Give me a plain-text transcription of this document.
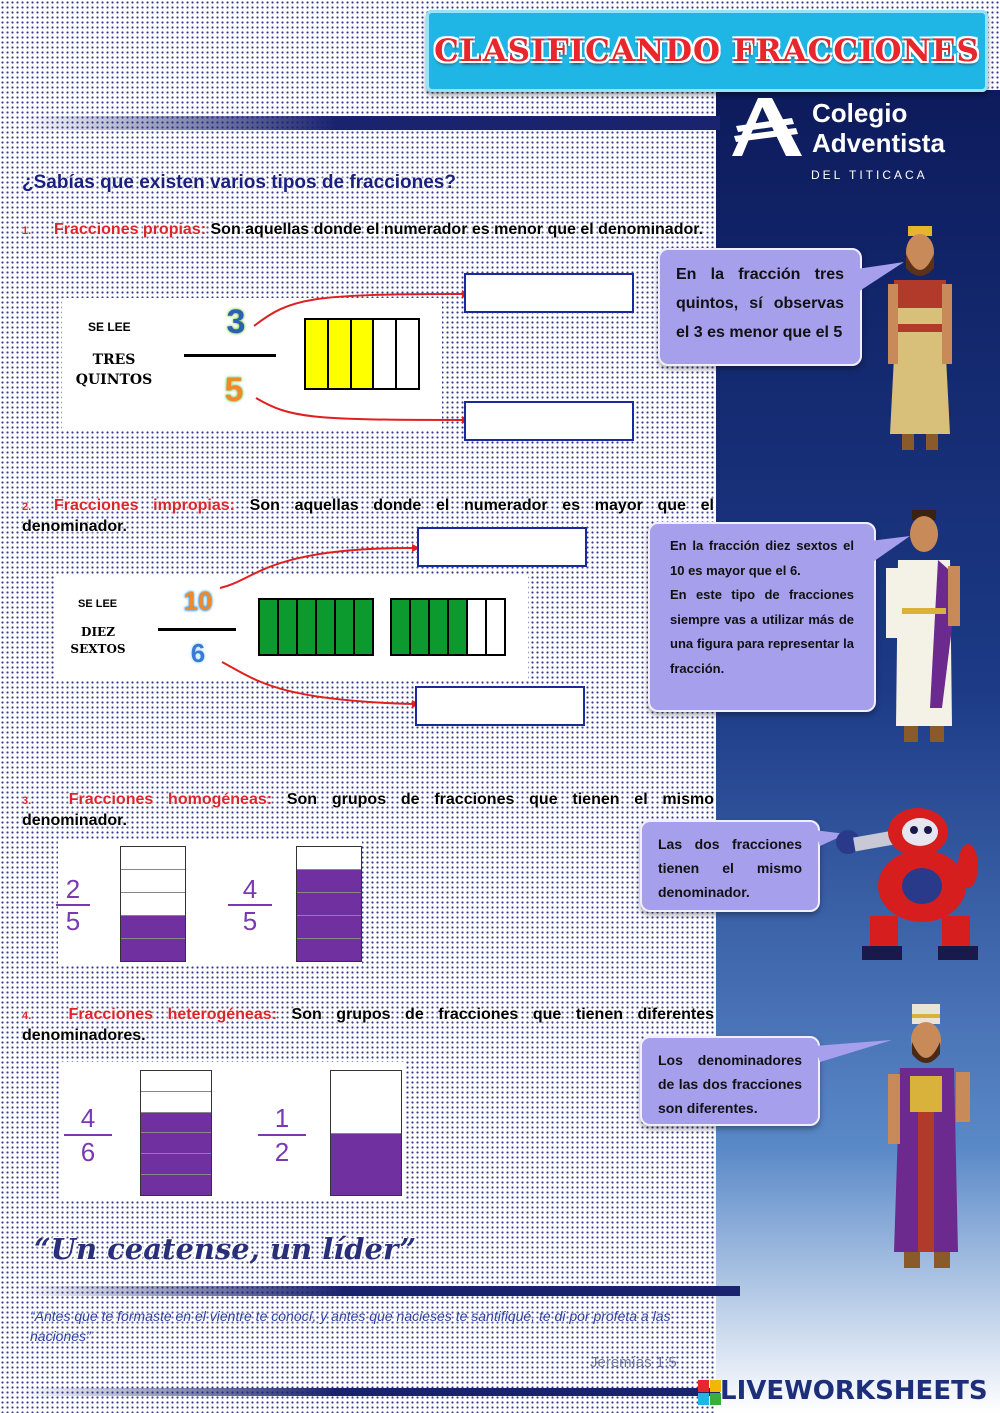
CLASIFICANDO FRACCIONES
Colegio
Adventista
DEL TITICACA
¿Sabías que existen varios tipos de fracciones?
1. Fracciones propias: Son aquellas donde el numerador es menor que el denominador.
SE LEE
TRES
QUINTOS
3
5
En la fracción tres quintos, sí observas el 3 es menor que el 5
2. Fracciones impropias: Son aquellas donde el numerador es mayor que el denominador.
SE LEE
DIEZ
SEXTOS
10
6
En la fracción diez sextos el 10 es mayor que el 6.
En este tipo de fracciones siempre vas a utilizar más de una figura para representar la fracción.
3. Fracciones homogéneas: Son grupos de fracciones que tienen el mismo denominador.
2
5
4
5
Las dos fracciones tienen el mismo denominador.
4. Fracciones heterogéneas: Son grupos de fracciones que tienen diferentes denominadores.
4
6
1
2
Los denominadores de las dos fracciones son diferentes.
“Un ceatense, un líder”
“Antes que te formaste en el vientre te conocí, y antes que nacieses te santifiqué, te di por profeta a las naciones”
Jeremías 1:5
LIVEWORKSHEETS
